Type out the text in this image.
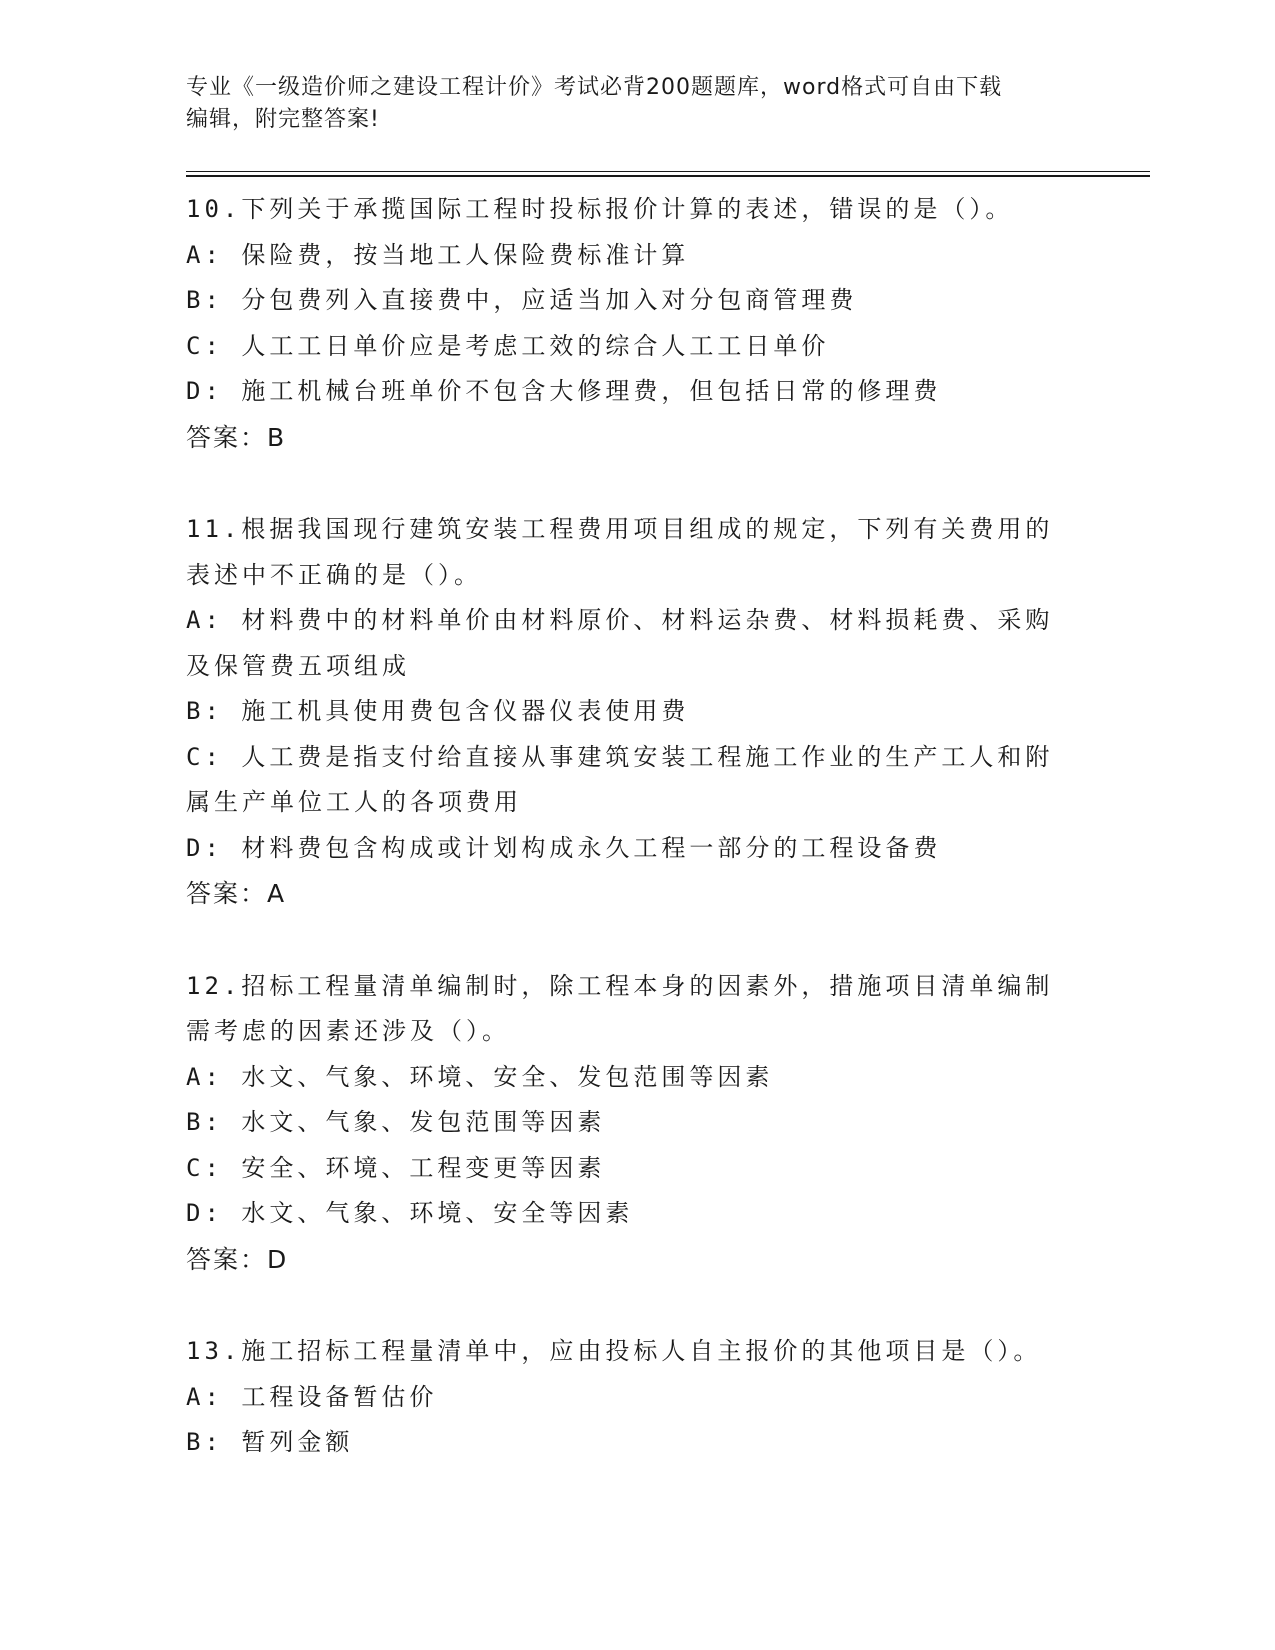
专业《一级造价师之建设工程计价》考试必背200题题库，word格式可自由下载
编辑，附完整答案!
10.下列关于承揽国际工程时投标报价计算的表述，错误的是（）。
A: 保险费，按当地工人保险费标准计算
B: 分包费列入直接费中，应适当加入对分包商管理费
C: 人工工日单价应是考虑工效的综合人工工日单价
D: 施工机械台班单价不包含大修理费，但包括日常的修理费
答案：B
11.根据我国现行建筑安装工程费用项目组成的规定，下列有关费用的
表述中不正确的是（）。
A: 材料费中的材料单价由材料原价、材料运杂费、材料损耗费、采购
及保管费五项组成
B: 施工机具使用费包含仪器仪表使用费
C: 人工费是指支付给直接从事建筑安装工程施工作业的生产工人和附
属生产单位工人的各项费用
D: 材料费包含构成或计划构成永久工程一部分的工程设备费
答案：A
12.招标工程量清单编制时，除工程本身的因素外，措施项目清单编制
需考虑的因素还涉及（）。
A: 水文、气象、环境、安全、发包范围等因素
B: 水文、气象、发包范围等因素
C: 安全、环境、工程变更等因素
D: 水文、气象、环境、安全等因素
答案：D
13.施工招标工程量清单中，应由投标人自主报价的其他项目是（）。
A: 工程设备暂估价
B: 暂列金额
